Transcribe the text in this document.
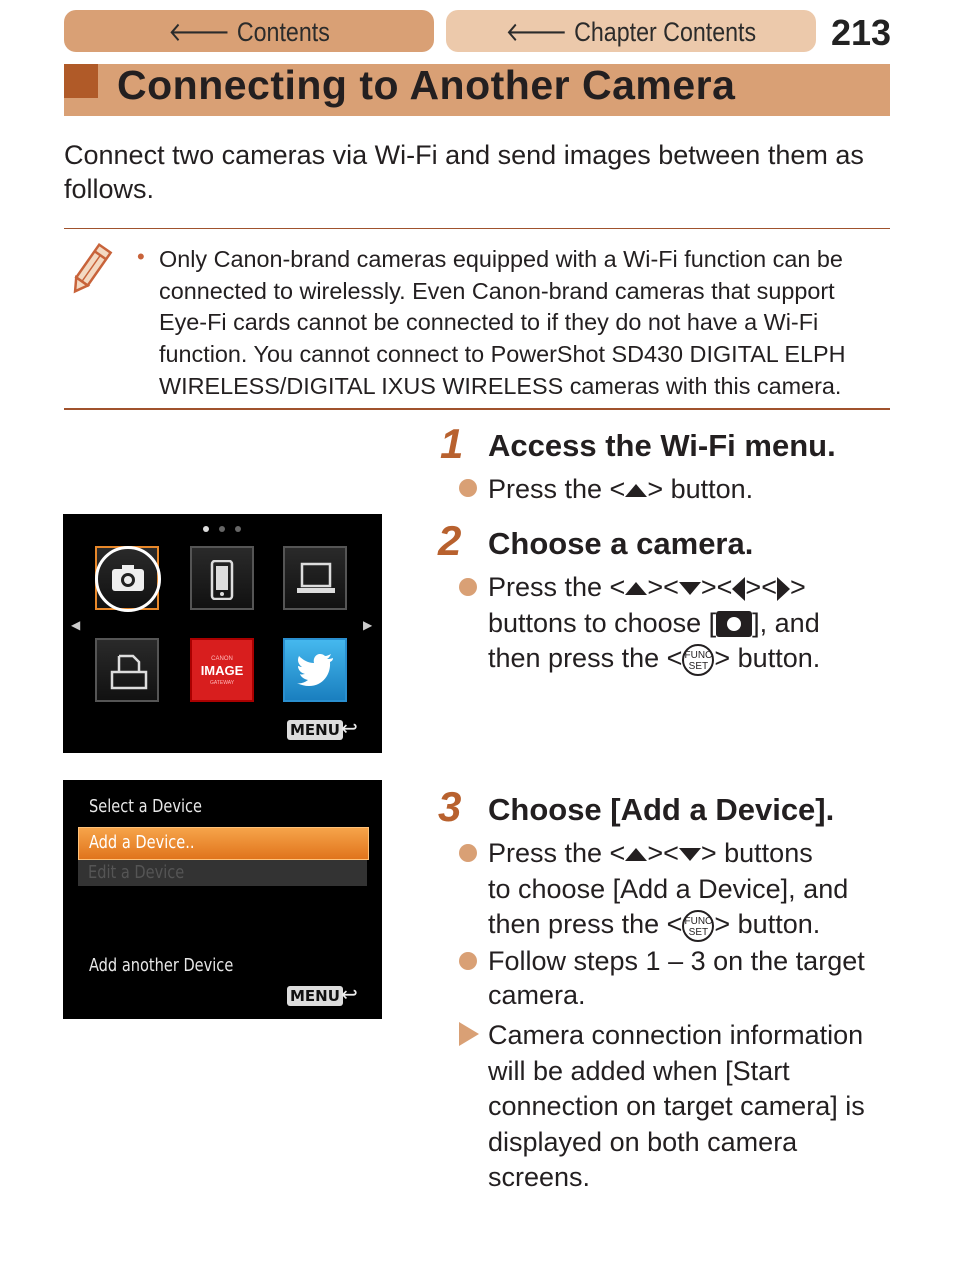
🡐 Contents	🡐 Chapter Contents 213
Connecting to Another Camera
Connect two cameras via Wi-Fi and send images between them as follows.
• Only Canon-brand cameras equipped with a Wi-Fi function can be connected to wirelessly. Even Canon-brand cameras that support Eye-Fi cards cannot be connected to if they do not have a Wi-Fi function. You cannot connect to PowerShot SD430 DIGITAL ELPH WIRELESS/DIGITAL IXUS WIRELESS cameras with this camera.
1 Access the Wi-Fi menu.
Press the < > button.
2 Choose a camera.
Press the < >< >< >< >
buttons to choose [ ], and
then press the < FUNC
SET > button.
3 Choose [Add a Device].
Press the < >< > buttons
to choose [Add a Device], and
then press the < FUNC
SET > button.
Follow steps 1 – 3 on the target camera.
Camera connection information will be added when [Start connection on target camera] is displayed on both camera screens.
◀	▶
CANON
IMAGE
GATEWAY
MENU ↩
Select a Device
Add a Device..
Edit a Device
Add another Device
MENU ↩
